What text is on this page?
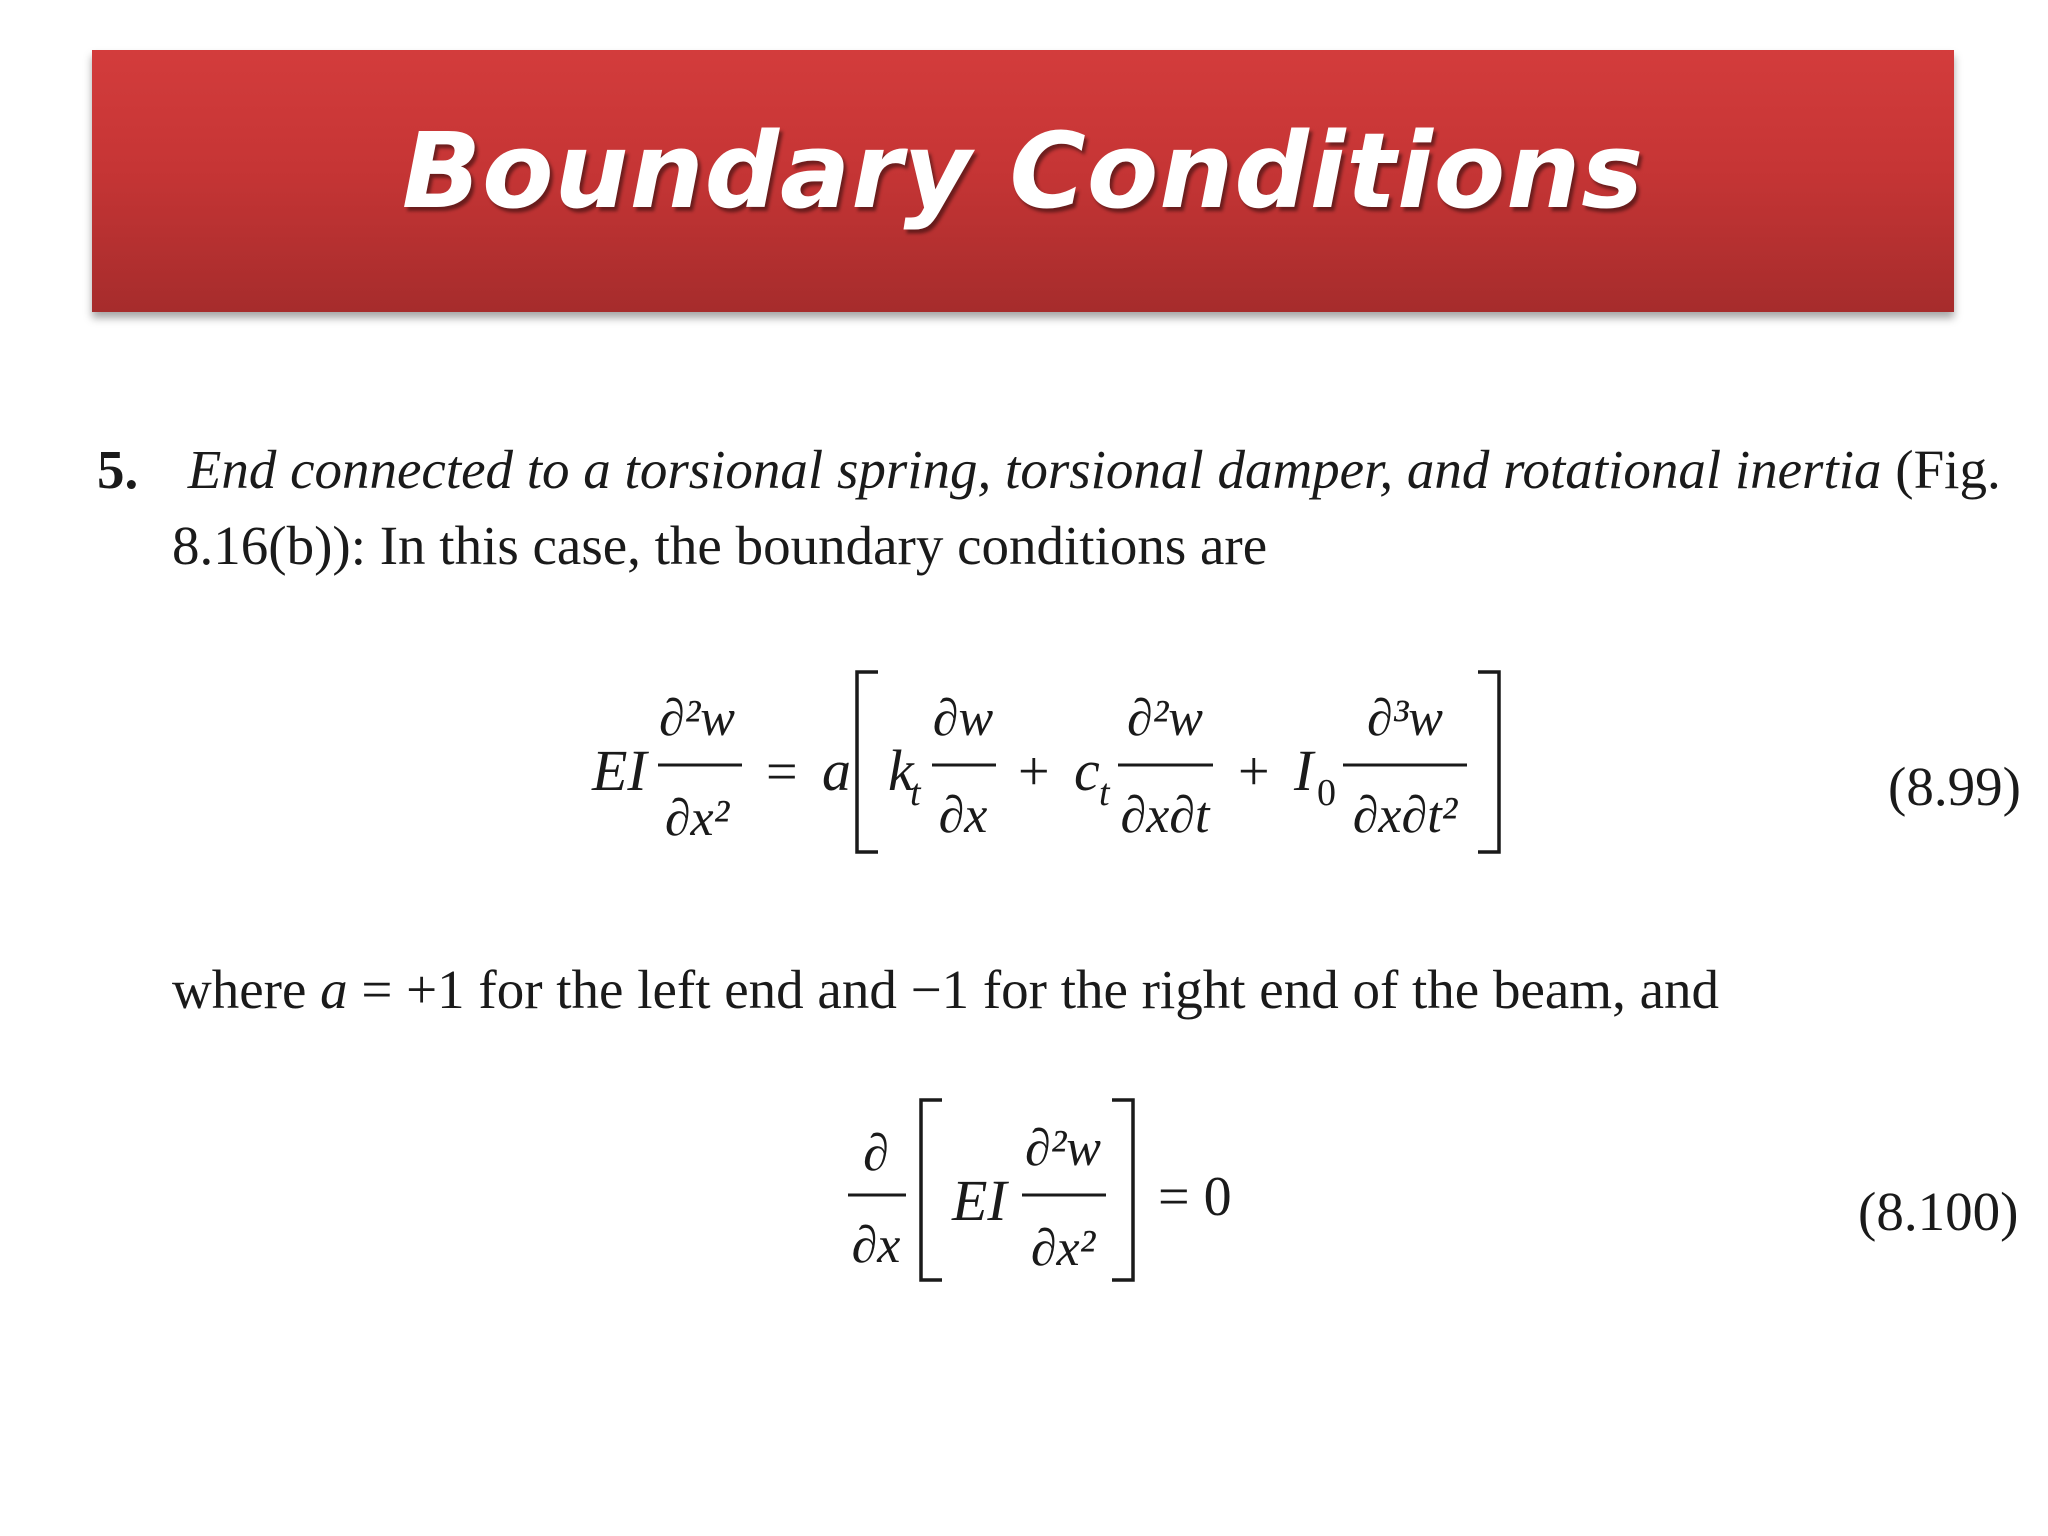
Boundary Conditions
5. End connected to a torsional spring, torsional damper, and rotational inertia (Fig.
8.16(b)): In this case, the boundary conditions are
EI
∂²w
∂x²
= a k
t
∂w
∂x
+ c t
∂²w
∂x∂t
+ I 0
∂³w
∂x∂t²
∂
∂x
EI
∂²w
∂x²
= 0
(8.99)
where a = +1 for the left end and −1 for the right end of the beam, and
(8.100)
